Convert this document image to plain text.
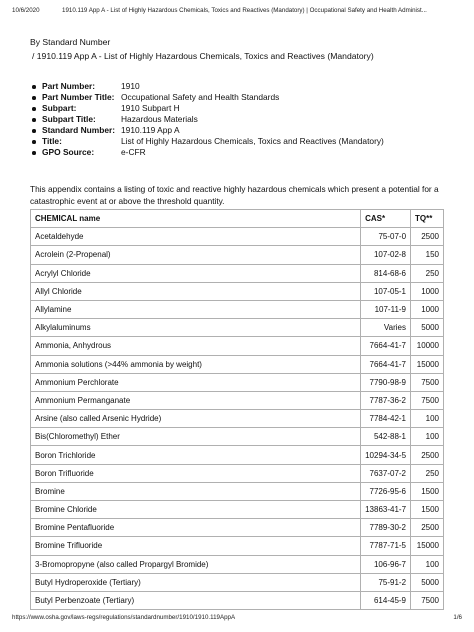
10/6/2020	1910.119 App A - List of Highly Hazardous Chemicals, Toxics and Reactives (Mandatory) | Occupational Safety and Health Administ...
By Standard Number
/ 1910.119 App A - List of Highly Hazardous Chemicals, Toxics and Reactives (Mandatory)
Part Number:	1910
Part Number Title: Occupational Safety and Health Standards
Subpart:	1910 Subpart H
Subpart Title:	Hazardous Materials
Standard Number: 1910.119 App A
Title:	List of Highly Hazardous Chemicals, Toxics and Reactives (Mandatory)
GPO Source:	e-CFR

This appendix contains a listing of toxic and reactive highly hazardous chemicals which present a potential for a catastrophic event at or above the threshold quantity.

CHEMICAL name	CAS*	TQ**
Acetaldehyde	75-07-0	2500
Acrolein (2-Propenal)	107-02-8	150
Acrylyl Chloride	814-68-6	250
Allyl Chloride	107-05-1	1000
Allylamine	107-11-9	1000
Alkylaluminums	Varies	5000
Ammonia, Anhydrous	7664-41-7	10000
Ammonia solutions (>44% ammonia by weight)	7664-41-7	15000
Ammonium Perchlorate	7790-98-9	7500
Ammonium Permanganate	7787-36-2	7500
Arsine (also called Arsenic Hydride)	7784-42-1	100
Bis(Chloromethyl) Ether	542-88-1	100
Boron Trichloride	10294-34-5	2500
Boron Trifluoride	7637-07-2	250
Bromine	7726-95-6	1500
Bromine Chloride	13863-41-7	1500
Bromine Pentafluoride	7789-30-2	2500
Bromine Trifluoride	7787-71-5	15000
3-Bromopropyne (also called Propargyl Bromide)	106-96-7	100
Butyl Hydroperoxide (Tertiary)	75-91-2	5000
Butyl Perbenzoate (Tertiary)	614-45-9	7500
https://www.osha.gov/laws-regs/regulations/standardnumber/1910/1910.119AppA	1/6
